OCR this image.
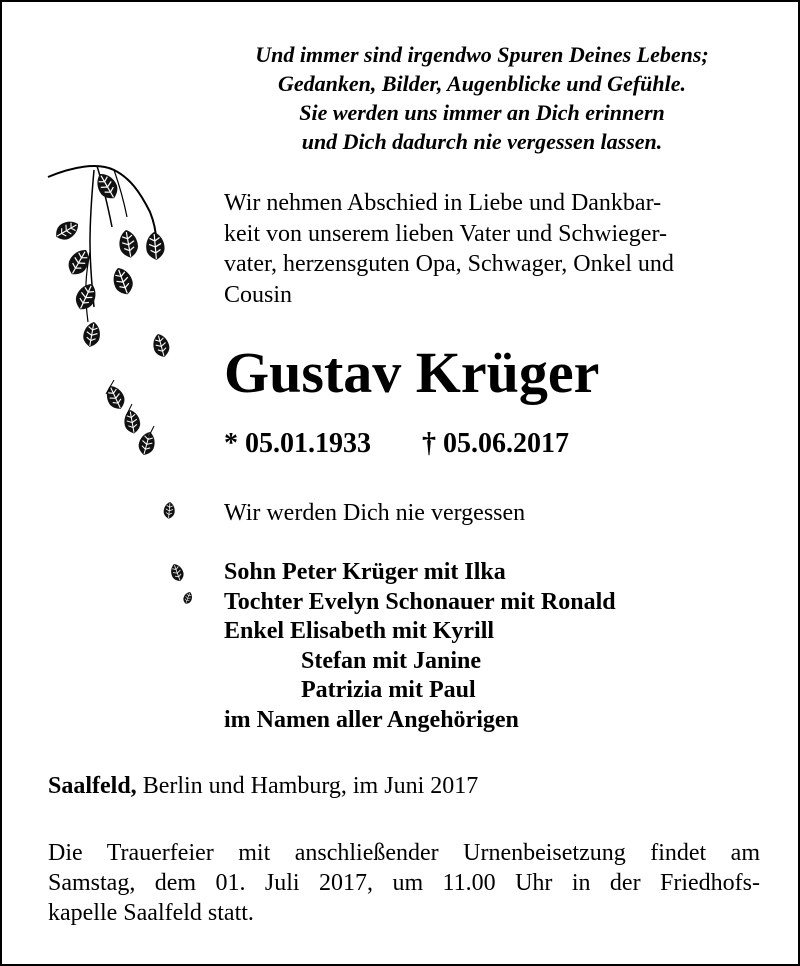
Und immer sind irgendwo Spuren Deines Lebens;
Gedanken, Bilder, Augenblicke und Gefühle.
Sie werden uns immer an Dich erinnern
und Dich dadurch nie vergessen lassen.
Wir nehmen Abschied in Liebe und Dankbar-
keit von unserem lieben Vater und Schwieger-
vater, herzensguten Opa, Schwager, Onkel und
Cousin
Gustav Krüger
* 05.01.1933 † 05.06.2017
Wir werden Dich nie vergessen
Sohn Peter Krüger mit Ilka
Tochter Evelyn Schonauer mit Ronald
Enkel Elisabeth mit Kyrill
Stefan mit Janine
Patrizia mit Paul
im Namen aller Angehörigen
Saalfeld, Berlin und Hamburg, im Juni 2017
Die Trauerfeier mit anschließender Urnenbeisetzung findet am
Samstag, dem 01. Juli 2017, um 11.00 Uhr in der Friedhofs-
kapelle Saalfeld statt.
